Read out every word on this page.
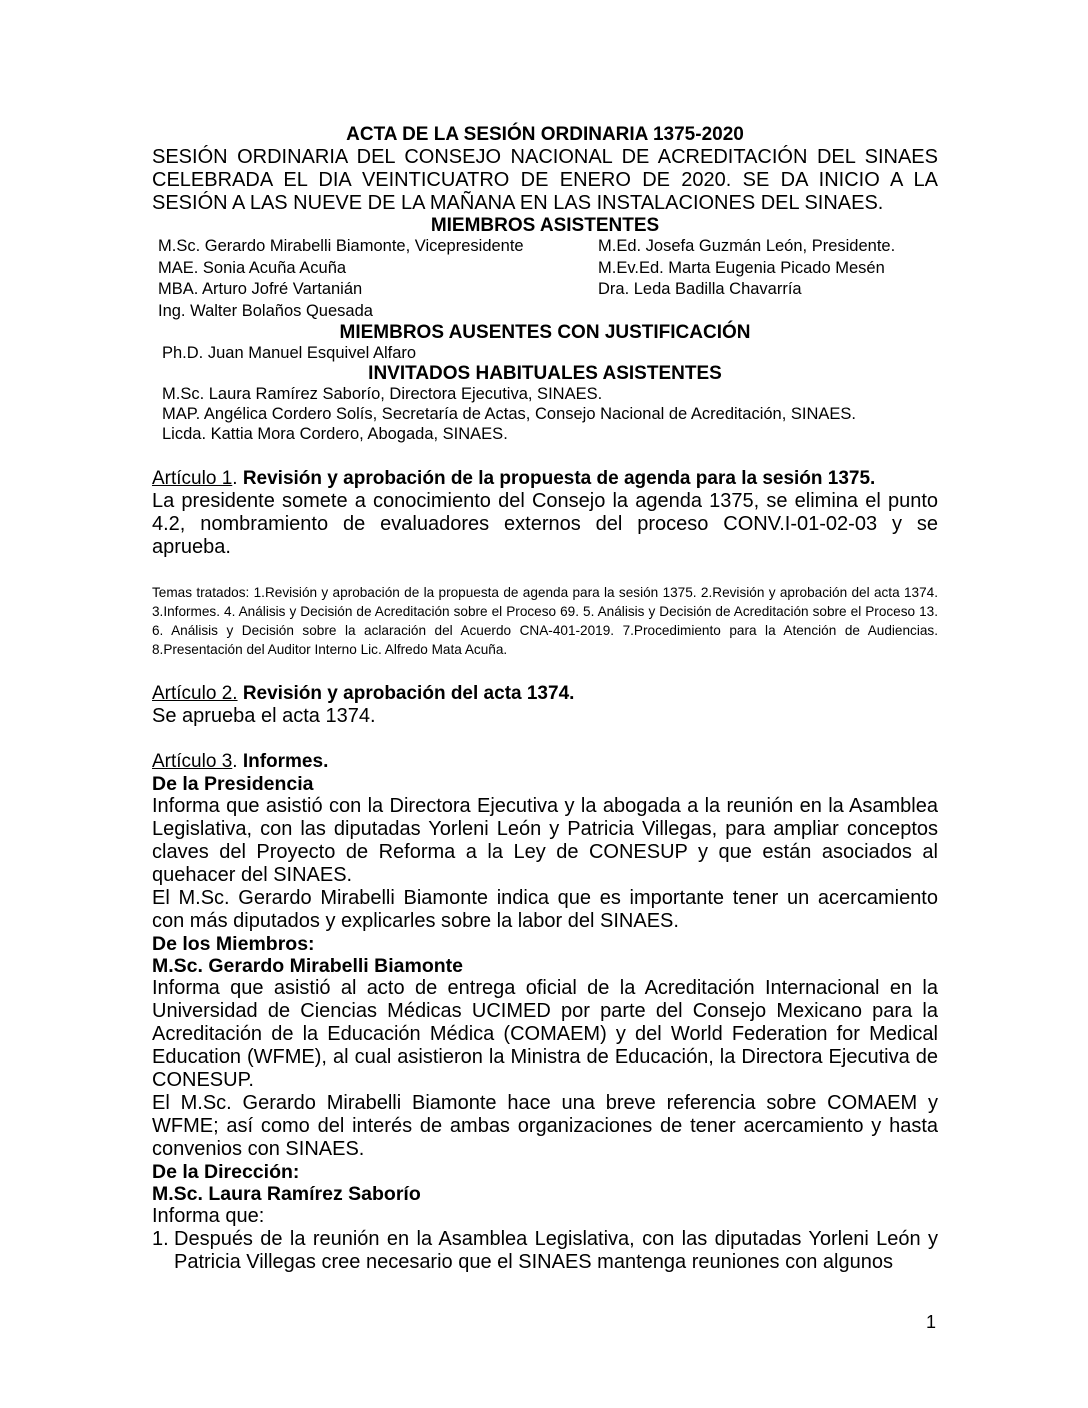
ACTA DE LA SESIÓN ORDINARIA 1375-2020
SESIÓN ORDINARIA DEL CONSEJO NACIONAL DE ACREDITACIÓN DEL SINAES CELEBRADA EL DIA VEINTICUATRO DE ENERO DE 2020. SE DA INICIO A LA SESIÓN A LAS NUEVE DE LA MAÑANA EN LAS INSTALACIONES DEL SINAES.
MIEMBROS ASISTENTES
M.Sc. Gerardo Mirabelli Biamonte, Vicepresidente	M.Ed. Josefa Guzmán León, Presidente.
MAE. Sonia Acuña Acuña	M.Ev.Ed. Marta Eugenia Picado Mesén
MBA. Arturo Jofré Vartanián	Dra. Leda Badilla Chavarría
Ing. Walter Bolaños Quesada
MIEMBROS AUSENTES CON JUSTIFICACIÓN
Ph.D. Juan Manuel Esquivel Alfaro
INVITADOS HABITUALES ASISTENTES
M.Sc. Laura Ramírez Saborío, Directora Ejecutiva, SINAES.
MAP. Angélica Cordero Solís, Secretaría de Actas, Consejo Nacional de Acreditación, SINAES.
Licda. Kattia Mora Cordero, Abogada, SINAES.
Artículo 1. Revisión y aprobación de la propuesta de agenda para la sesión 1375.
La presidente somete a conocimiento del Consejo la agenda 1375, se elimina el punto 4.2, nombramiento de evaluadores externos del proceso CONV.I-01-02-03 y se aprueba.
Temas tratados: 1.Revisión y aprobación de la propuesta de agenda para la sesión 1375. 2.Revisión y aprobación del acta 1374. 3.Informes. 4. Análisis y Decisión de Acreditación sobre el Proceso 69. 5. Análisis y Decisión de Acreditación sobre el Proceso 13. 6. Análisis y Decisión sobre la aclaración del Acuerdo CNA-401-2019. 7.Procedimiento para la Atención de Audiencias. 8.Presentación del Auditor Interno Lic. Alfredo Mata Acuña.
Artículo 2. Revisión y aprobación del acta 1374.
Se aprueba el acta 1374.
Artículo 3. Informes.
De la Presidencia
Informa que asistió con la Directora Ejecutiva y la abogada a la reunión en la Asamblea Legislativa, con las diputadas Yorleni León y Patricia Villegas, para ampliar conceptos claves del Proyecto de Reforma a la Ley de CONESUP y que están asociados al quehacer del SINAES.
El M.Sc. Gerardo Mirabelli Biamonte indica que es importante tener un acercamiento con más diputados y explicarles sobre la labor del SINAES.
De los Miembros:
M.Sc. Gerardo Mirabelli Biamonte
Informa que asistió al acto de entrega oficial de la Acreditación Internacional en la Universidad de Ciencias Médicas UCIMED por parte del Consejo Mexicano para la Acreditación de la Educación Médica (COMAEM) y del World Federation for Medical Education (WFME), al cual asistieron la Ministra de Educación, la Directora Ejecutiva de CONESUP.
El M.Sc. Gerardo Mirabelli Biamonte hace una breve referencia sobre COMAEM y WFME; así como del interés de ambas organizaciones de tener acercamiento y hasta convenios con SINAES.
De la Dirección:
M.Sc. Laura Ramírez Saborío
Informa que:
1. Después de la reunión en la Asamblea Legislativa, con las diputadas Yorleni León y Patricia Villegas cree necesario que el SINAES mantenga reuniones con algunos
1
